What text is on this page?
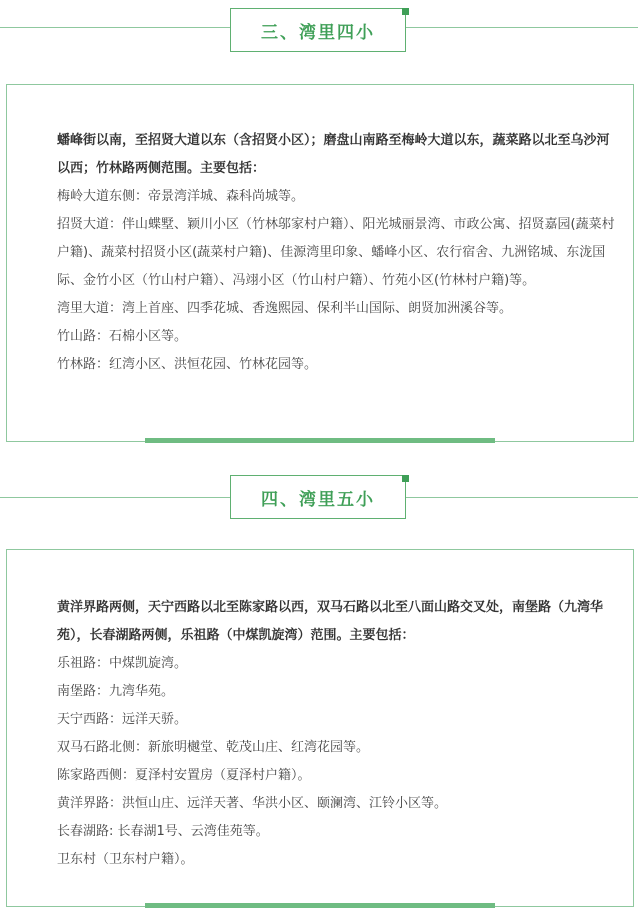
三、湾里四小

蟠峰街以南，至招贤大道以东（含招贤小区）；磨盘山南路至梅岭大道以东，蔬菜路以北至乌沙河以西；竹林路两侧范围。主要包括：

梅岭大道东侧：帝景湾洋城、森科尚城等。

招贤大道：伴山蝶墅、颖川小区（竹林邬家村户籍）、阳光城丽景湾、市政公寓、招贤嘉园(蔬菜村户籍)、蔬菜村招贤小区(蔬菜村户籍)、佳源湾里印象、蟠峰小区、农行宿舍、九洲铭城、东泷国际、金竹小区（竹山村户籍）、冯翊小区（竹山村户籍）、竹苑小区(竹林村户籍)等。

湾里大道：湾上首座、四季花城、香逸熙园、保利半山国际、朗贤加洲溪谷等。

竹山路：石棉小区等。

竹林路：红湾小区、洪恒花园、竹林花园等。

四、湾里五小

黄洋界路两侧，天宁西路以北至陈家路以西，双马石路以北至八面山路交叉处，南堡路（九湾华苑），长春湖路两侧，乐祖路（中煤凯旋湾）范围。主要包括：

乐祖路：中煤凯旋湾。

南堡路：九湾华苑。

天宁西路：远洋天骄。

双马石路北侧：新旅明樾堂、乾茂山庄、红湾花园等。

陈家路西侧：夏泽村安置房（夏泽村户籍）。

黄洋界路：洪恒山庄、远洋天著、华洪小区、颐澜湾、江铃小区等。

长春湖路: 长春湖1号、云湾佳苑等。

卫东村（卫东村户籍）。
